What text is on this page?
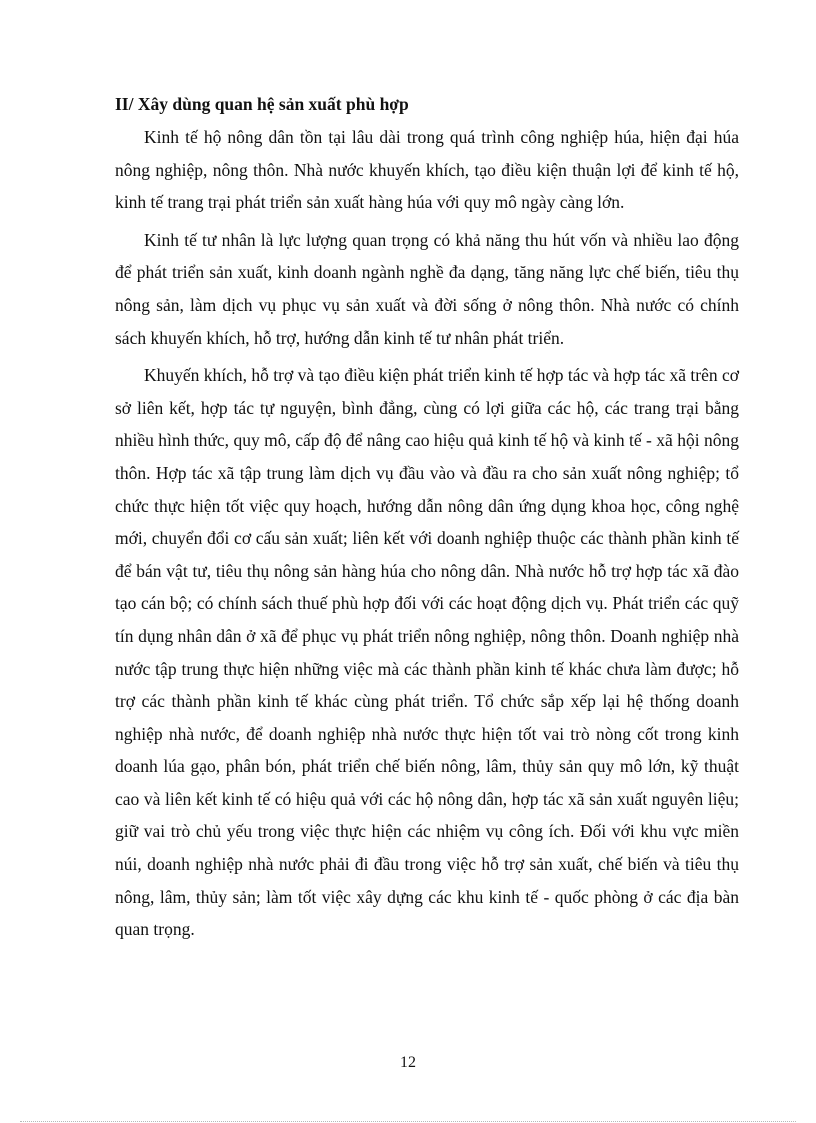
II/ Xây dùng quan hệ sản xuất phù hợp

Kinh tế hộ nông dân tồn tại lâu dài trong quá trình công nghiệp húa, hiện đại húa nông nghiệp, nông thôn. Nhà nước khuyến khích, tạo điều kiện thuận lợi để kinh tế hộ, kinh tế trang trại phát triển sản xuất hàng húa với quy mô ngày càng lớn.

Kinh tế tư nhân là lực lượng quan trọng có khả năng thu hút vốn và nhiều lao động để phát triển sản xuất, kinh doanh ngành nghề đa dạng, tăng năng lực chế biến, tiêu thụ nông sản, làm dịch vụ phục vụ sản xuất và đời sống ở nông thôn. Nhà nước có chính sách khuyến khích, hỗ trợ, hướng dẫn kinh tế tư nhân phát triển.

Khuyến khích, hỗ trợ và tạo điều kiện phát triển kinh tế hợp tác và hợp tác xã trên cơ sở liên kết, hợp tác tự nguyện, bình đẳng, cùng có lợi giữa các hộ, các trang trại bằng nhiều hình thức, quy mô, cấp độ để nâng cao hiệu quả kinh tế hộ và kinh tế - xã hội nông thôn. Hợp tác xã tập trung làm dịch vụ đầu vào và đầu ra cho sản xuất nông nghiệp; tổ chức thực hiện tốt việc quy hoạch, hướng dẫn nông dân ứng dụng khoa học, công nghệ mới, chuyển đổi cơ cấu sản xuất; liên kết với doanh nghiệp thuộc các thành phần kinh tế để bán vật tư, tiêu thụ nông sản hàng húa cho nông dân. Nhà nước hỗ trợ hợp tác xã đào tạo cán bộ; có chính sách thuế phù hợp đối với các hoạt động dịch vụ. Phát triển các quỹ tín dụng nhân dân ở xã để phục vụ phát triển nông nghiệp, nông thôn. Doanh nghiệp nhà nước tập trung thực hiện những việc mà các thành phần kinh tế khác chưa làm được; hỗ trợ các thành phần kinh tế khác cùng phát triển. Tổ chức sắp xếp lại hệ thống doanh nghiệp nhà nước, để doanh nghiệp nhà nước thực hiện tốt vai trò nòng cốt trong kinh doanh lúa gạo, phân bón, phát triển chế biến nông, lâm, thủy sản quy mô lớn, kỹ thuật cao và liên kết kinh tế có hiệu quả với các hộ nông dân, hợp tác xã sản xuất nguyên liệu; giữ vai trò chủ yếu trong việc thực hiện các nhiệm vụ công ích. Đối với khu vực miền núi, doanh nghiệp nhà nước phải đi đầu trong việc hỗ trợ sản xuất, chế biến và tiêu thụ nông, lâm, thủy sản; làm tốt việc xây dựng các khu kinh tế - quốc phòng ở các địa bàn quan trọng.

12
